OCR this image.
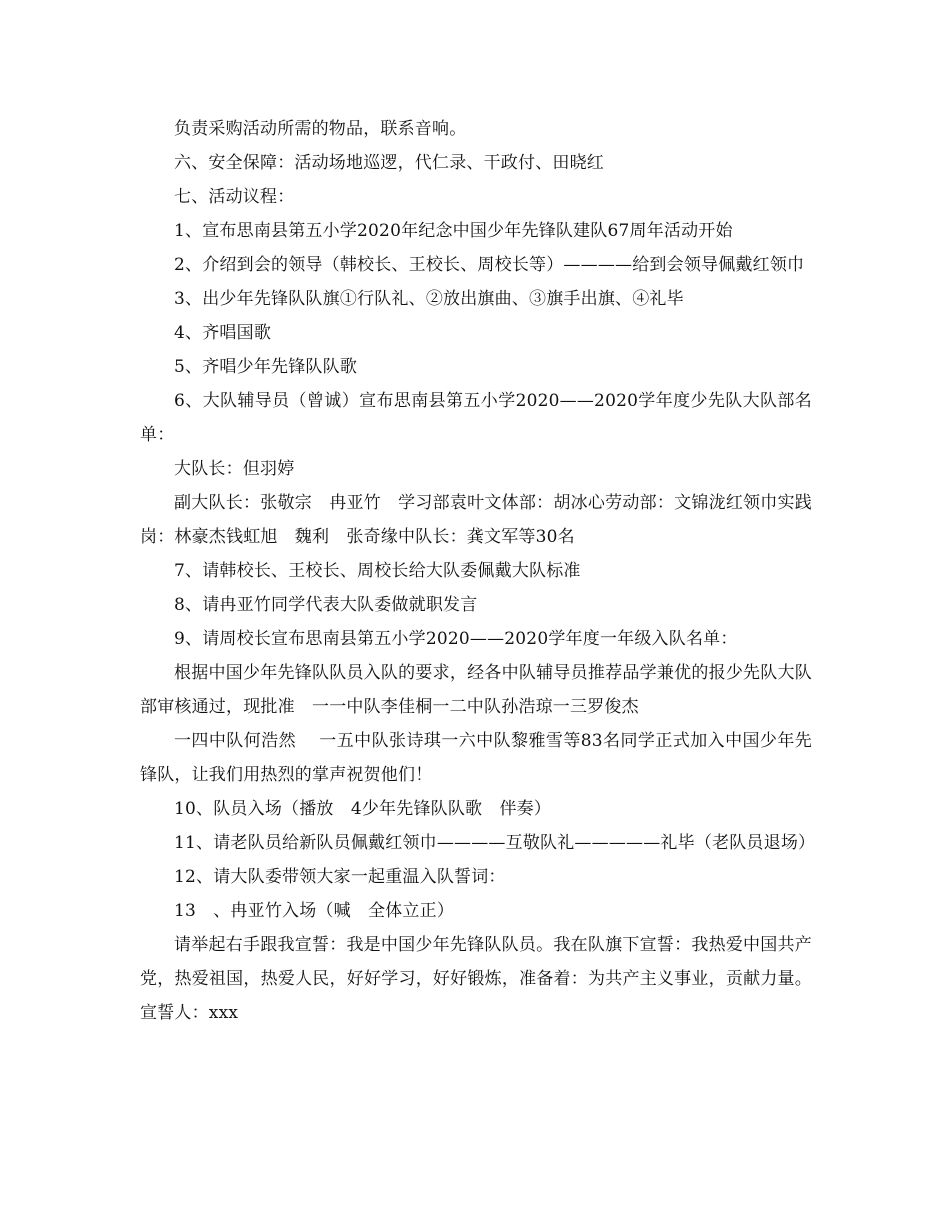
负责采购活动所需的物品，联系音响。

六、安全保障：活动场地巡逻，代仁录、干政付、田晓红

七、活动议程：

1、宣布思南县第五小学2020年纪念中国少年先锋队建队67周年活动开始

2、介绍到会的领导（韩校长、王校长、周校长等）————给到会领导佩戴红领巾

3、出少年先锋队队旗①行队礼、②放出旗曲、③旗手出旗、④礼毕

4、齐唱国歌

5、齐唱少年先锋队队歌

6、大队辅导员（曾诚）宣布思南县第五小学2020——2020学年度少先队大队部名单：

大队长：但羽婷

副大队长：张敬宗　冉亚竹　学习部袁叶文体部：胡冰心劳动部：文锦泷红领巾实践岗：林豪杰钱虹旭　魏利　张奇缘中队长：龚文军等30名

7、请韩校长、王校长、周校长给大队委佩戴大队标准

8、请冉亚竹同学代表大队委做就职发言

9、请周校长宣布思南县第五小学2020——2020学年度一年级入队名单：

根据中国少年先锋队队员入队的要求，经各中队辅导员推荐品学兼优的报少先队大队部审核通过，现批准　一一中队李佳桐一二中队孙浩琼一三罗俊杰

一四中队何浩然　 一五中队张诗琪一六中队黎雅雪等83名同学正式加入中国少年先锋队，让我们用热烈的掌声祝贺他们！

10、队员入场（播放　4少年先锋队队歌　伴奏）

11、请老队员给新队员佩戴红领巾————互敬队礼—————礼毕（老队员退场）

12、请大队委带领大家一起重温入队誓词：

13　、冉亚竹入场（喊　全体立正）

请举起右手跟我宣誓：我是中国少年先锋队队员。我在队旗下宣誓：我热爱中国共产党，热爱祖国，热爱人民，好好学习，好好锻炼，准备着：为共产主义事业，贡献力量。宣誓人：xxx
